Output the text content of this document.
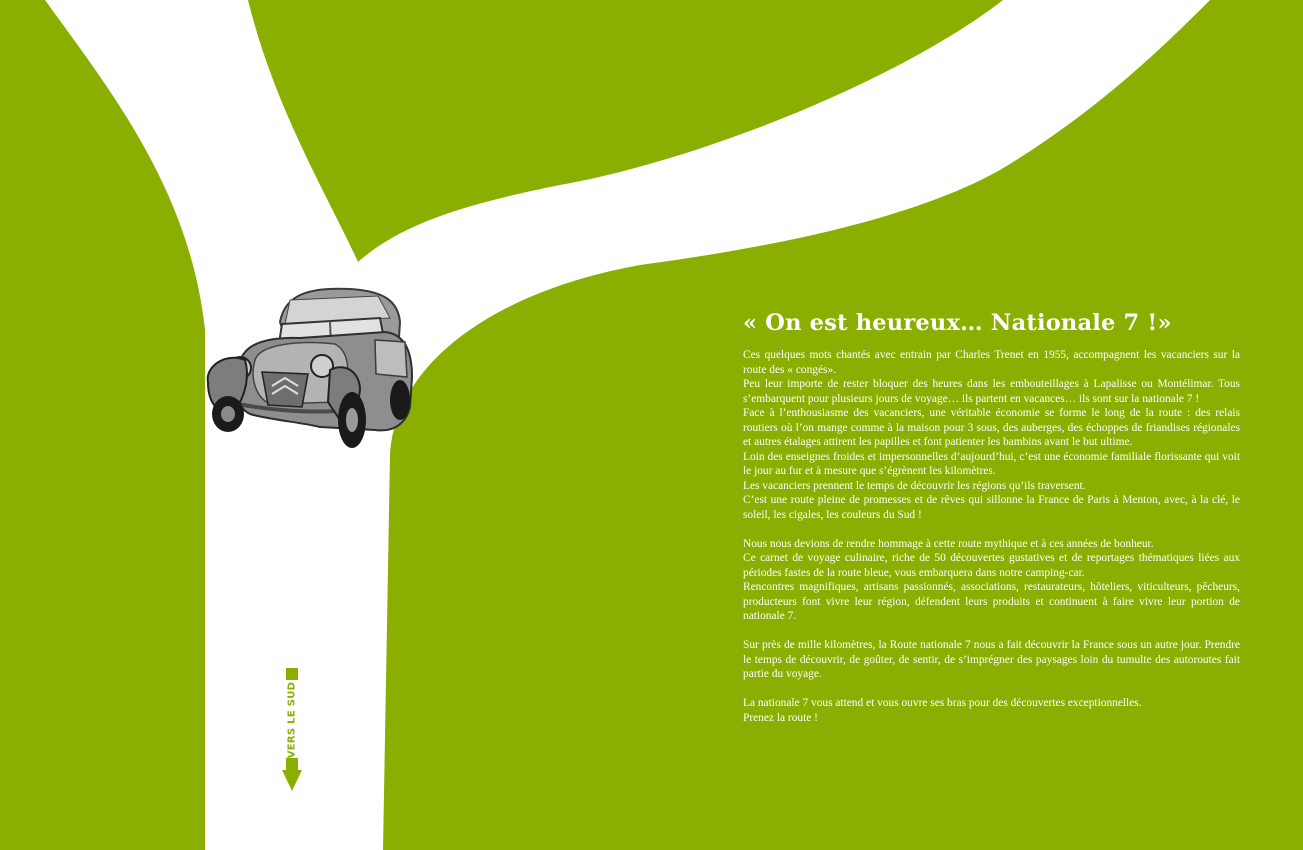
VERS LE SUD
« On est heureux… Nationale 7 !»

Ces quelques mots chantés avec entrain par Charles Trenet en 1955, accompagnent les vacanciers sur la route des « congés».

Peu leur importe de rester bloquer des heures dans les embouteillages à Lapalisse ou Montélimar. Tous s’embarquent pour plusieurs jours de voyage… ils partent en vacances… ils sont sur la nationale 7 !

Face à l’enthousiasme des vacanciers, une véritable économie se forme le long de la route : des relais routiers où l’on mange comme à la maison pour 3 sous, des auberges, des échoppes de friandises régionales et autres étalages attirent les papilles et font patienter les bambins avant le but ultime.

Loin des enseignes froides et impersonnelles d’aujourd’hui, c’est une économie familiale florissante qui voit le jour au fur et à mesure que s’égrènent les kilomètres.

Les vacanciers prennent le temps de découvrir les régions qu’ils traversent.

C’est une route pleine de promesses et de rêves qui sillonne la France de Paris à Menton, avec, à la clé, le soleil, les cigales, les couleurs du Sud !

Nous nous devions de rendre hommage à cette route mythique et à ces années de bonheur.

Ce carnet de voyage culinaire, riche de 50 découvertes gustatives et de reportages thématiques liées aux périodes fastes de la route bleue, vous embarquera dans notre camping-car.

Rencontres magnifiques, artisans passionnés, associations, restaurateurs, hôteliers, viticulteurs, pêcheurs, producteurs font vivre leur région, défendent leurs produits et continuent à faire vivre leur portion de nationale 7.

Sur près de mille kilomètres, la Route nationale 7 nous a fait découvrir la France sous un autre jour. Prendre le temps de découvrir, de goûter, de sentir, de s’imprégner des paysages loin du tumulte des autoroutes fait partie du voyage.

La nationale 7 vous attend et vous ouvre ses bras pour des découvertes exceptionnelles.

Prenez la route !
